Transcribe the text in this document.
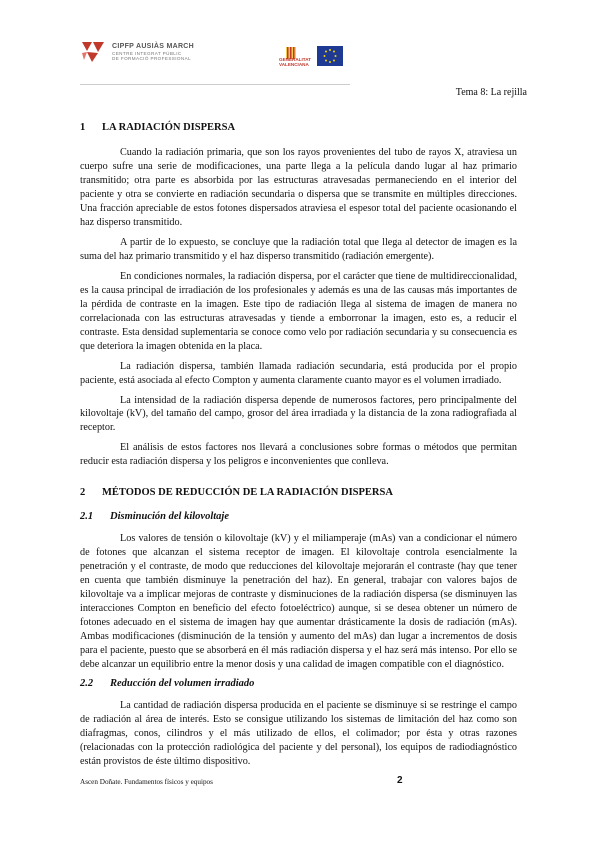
CIPFP AUSIÀS MARCH
CENTRE INTEGRAT PÚBLIC
DE FORMACIÓ PROFESSIONAL	GENERALITAT
VALENCIANA
Tema 8: La rejilla
1 LA RADIACIÓN DISPERSA

Cuando la radiación primaria, que son los rayos provenientes del tubo de rayos X, atraviesa un cuerpo sufre una serie de modificaciones, una parte llega a la película dando lugar al haz primario transmitido; otra parte es absorbida por las estructuras atravesadas permaneciendo en el interior del paciente y otra se convierte en radiación secundaria o dispersa que se transmite en múltiples direcciones. Una fracción apreciable de estos fotones dispersados atraviesa el espesor total del paciente ocasionando el haz disperso transmitido.

A partir de lo expuesto, se concluye que la radiación total que llega al detector de imagen es la suma del haz primario transmitido y el haz disperso transmitido (radiación emergente).

En condiciones normales, la radiación dispersa, por el carácter que tiene de multidireccionalidad, es la causa principal de irradiación de los profesionales y además es una de las causas más importantes de la pérdida de contraste en la imagen. Este tipo de radiación llega al sistema de imagen de manera no correlacionada con las estructuras atravesadas y tiende a emborronar la imagen, esto es, a reducir el contraste. Esta densidad suplementaria se conoce como velo por radiación secundaria y su consecuencia es que deteriora la imagen obtenida en la placa.

La radiación dispersa, también llamada radiación secundaria, está producida por el propio paciente, está asociada al efecto Compton y aumenta claramente cuanto mayor es el volumen irradiado.

La intensidad de la radiación dispersa depende de numerosos factores, pero principalmente del kilovoltaje (kV), del tamaño del campo, grosor del área irradiada y la distancia de la zona radiografiada al receptor.

El análisis de estos factores nos llevará a conclusiones sobre formas o métodos que permitan reducir esta radiación dispersa y los peligros e inconvenientes que conlleva.

2 MÉTODOS DE REDUCCIÓN DE LA RADIACIÓN DISPERSA
2.1 Disminución del kilovoltaje

Los valores de tensión o kilovoltaje (kV) y el miliamperaje (mAs) van a condicionar el número de fotones que alcanzan el sistema receptor de imagen. El kilovoltaje controla esencialmente la penetración y el contraste, de modo que reducciones del kilovoltaje mejorarán el contraste (hay que tener en cuenta que también disminuye la penetración del haz). En general, trabajar con valores bajos de kilovoltaje va a implicar mejoras de contraste y disminuciones de la radiación dispersa (se disminuyen las interacciones Compton en beneficio del efecto fotoeléctrico) aunque, si se desea obtener un número de fotones adecuado en el sistema de imagen hay que aumentar drásticamente la dosis de radiación (mAs). Ambas modificaciones (disminución de la tensión y aumento del mAs) dan lugar a incrementos de dosis para el paciente, puesto que se absorberá en él más radiación dispersa y el haz será más intenso. Por ello se debe alcanzar un equilibrio entre la menor dosis y una calidad de imagen compatible con el diagnóstico.

2.2 Reducción del volumen irradiado

La cantidad de radiación dispersa producida en el paciente se disminuye si se restringe el campo de radiación al área de interés. Esto se consigue utilizando los sistemas de limitación del haz como son diafragmas, conos, cilindros y el más utilizado de ellos, el colimador; por ésta y otras razones (relacionadas con la protección radiológica del paciente y del personal), los equipos de radiodiagnóstico están provistos de éste último dispositivo.

Ascen Doñate. Fundamentos físicos y equipos	2
